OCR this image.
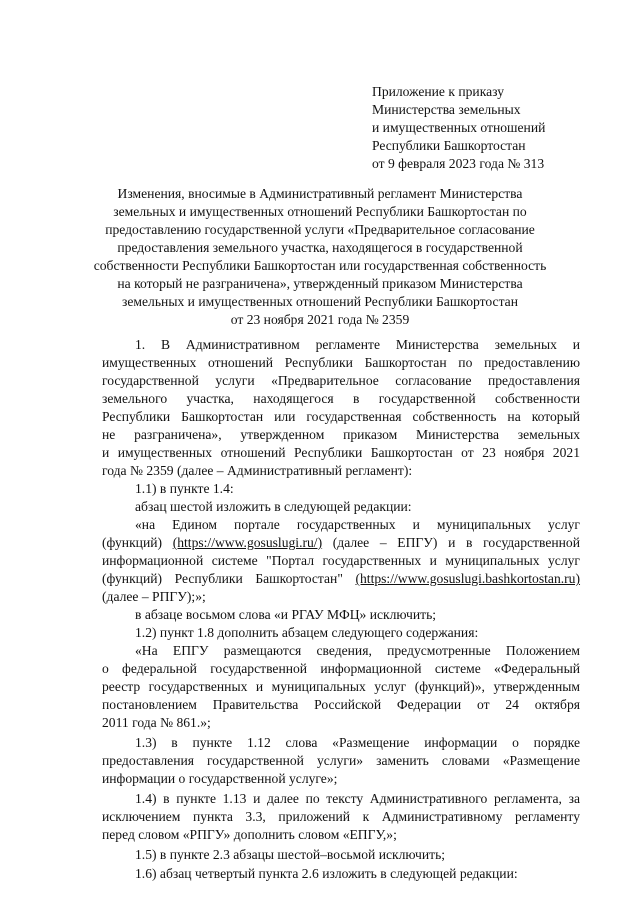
Приложение к приказу
Министерства земельных
и имущественных отношений
Республики Башкортостан
от 9 февраля 2023 года № 313
Изменения, вносимые в Административный регламент Министерства
земельных и имущественных отношений Республики Башкортостан по
предоставлению государственной услуги «Предварительное согласование
предоставления земельного участка, находящегося в государственной
собственности Республики Башкортостан или государственная собственность
на который не разграничена», утвержденный приказом Министерства
земельных и имущественных отношений Республики Башкортостан
от 23 ноября 2021 года № 2359
1. В Административном регламенте Министерства земельных и
имущественных отношений Республики Башкортостан по предоставлению
государственной услуги «Предварительное согласование предоставления
земельного участка, находящегося в государственной собственности
Республики Башкортостан или государственная собственность на который
не разграничена», утвержденном приказом Министерства земельных
и имущественных отношений Республики Башкортостан от 23 ноября 2021
года № 2359 (далее – Административный регламент):
1.1) в пункте 1.4:
абзац шестой изложить в следующей редакции:
«на Едином портале государственных и муниципальных услуг
(функций) (https://www.gosuslugi.ru/) (далее – ЕПГУ) и в государственной
информационной системе "Портал государственных и муниципальных услуг
(функций) Республики Башкортостан" (https://www.gosuslugi.bashkortostan.ru)
(далее – РПГУ);»;
в абзаце восьмом слова «и РГАУ МФЦ» исключить;
1.2) пункт 1.8 дополнить абзацем следующего содержания:
«На ЕПГУ размещаются сведения, предусмотренные Положением
о федеральной государственной информационной системе «Федеральный
реестр государственных и муниципальных услуг (функций)», утвержденным
постановлением Правительства Российской Федерации от 24 октября
2011 года № 861.»;
1.3) в пункте 1.12 слова «Размещение информации о порядке
предоставления государственной услуги» заменить словами «Размещение
информации о государственной услуге»;
1.4) в пункте 1.13 и далее по тексту Административного регламента, за
исключением пункта 3.3, приложений к Административному регламенту
перед словом «РПГУ» дополнить словом «ЕПГУ,»;
1.5) в пункте 2.3 абзацы шестой–восьмой исключить;
1.6) абзац четвертый пункта 2.6 изложить в следующей редакции:
